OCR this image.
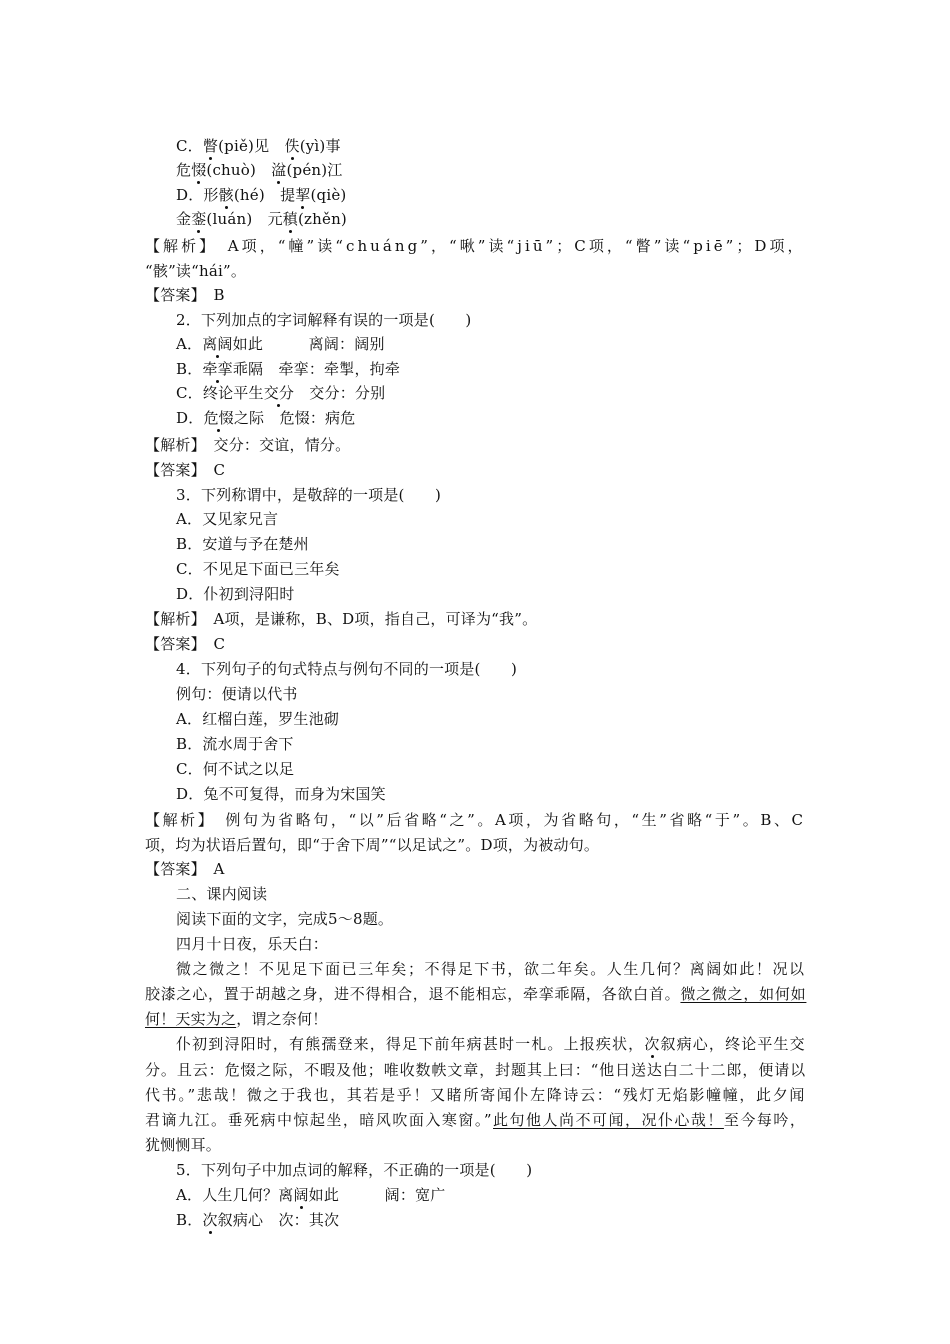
C．瞥(piě)见　佚(yì)事
危惙(chuò)　湓(pén)江
D．形骸(hé)　提挈(qiè)
金銮(luán)　元稹(zhěn)
【解析】　A项，“幢”读“chuáng”，“啾”读“jiū”；C项，“瞥”读“piē”；D项，
“骸”读“hái”。
【答案】　B
2．下列加点的字词解释有误的一项是(　　)
A．离阔如此　　　离阔：阔别
B．牵挛乖隔　牵挛：牵掣，拘牵
C．终论平生交分　交分：分别
D．危惙之际　危惙：病危
【解析】　交分：交谊，情分。
【答案】　C
3．下列称谓中，是敬辞的一项是(　　)
A．又见家兄言
B．安道与予在楚州
C．不见足下面已三年矣
D．仆初到浔阳时
【解析】　A项，是谦称，B、D项，指自己，可译为“我”。
【答案】　C
4．下列句子的句式特点与例句不同的一项是(　　)
例句：便请以代书
A．红榴白莲，罗生池砌
B．流水周于舍下
C．何不试之以足
D．兔不可复得，而身为宋国笑
【解析】　例句为省略句，“以”后省略“之”。A项，为省略句，“生”省略“于”。B、C
项，均为状语后置句，即“于舍下周”“以足试之”。D项，为被动句。
【答案】　A
二、课内阅读
阅读下面的文字，完成5～8题。
四月十日夜，乐天白：
微之微之！不见足下面已三年矣；不得足下书，欲二年矣。人生几何？离阔如此！况以
胶漆之心，置于胡越之身，进不得相合，退不能相忘，牵挛乖隔，各欲白首。微之微之，如何如
何！天实为之，谓之奈何！
仆初到浔阳时，有熊孺登来，得足下前年病甚时一札。上报疾状，次叙病心，终论平生交
分。且云：危惙之际，不暇及他；唯收数帙文章，封题其上曰：“他日送达白二十二郎，便请以
代书。”悲哉！微之于我也，其若是乎！又睹所寄闻仆左降诗云：“残灯无焰影幢幢，此夕闻
君谪九江。垂死病中惊起坐，暗风吹面入寒窗。”此句他人尚不可闻，况仆心哉！至今每吟，
犹恻恻耳。
5．下列句子中加点词的解释，不正确的一项是(　　)
A．人生几何？离阔如此　　　阔：宽广
B．次叙病心　次：其次
